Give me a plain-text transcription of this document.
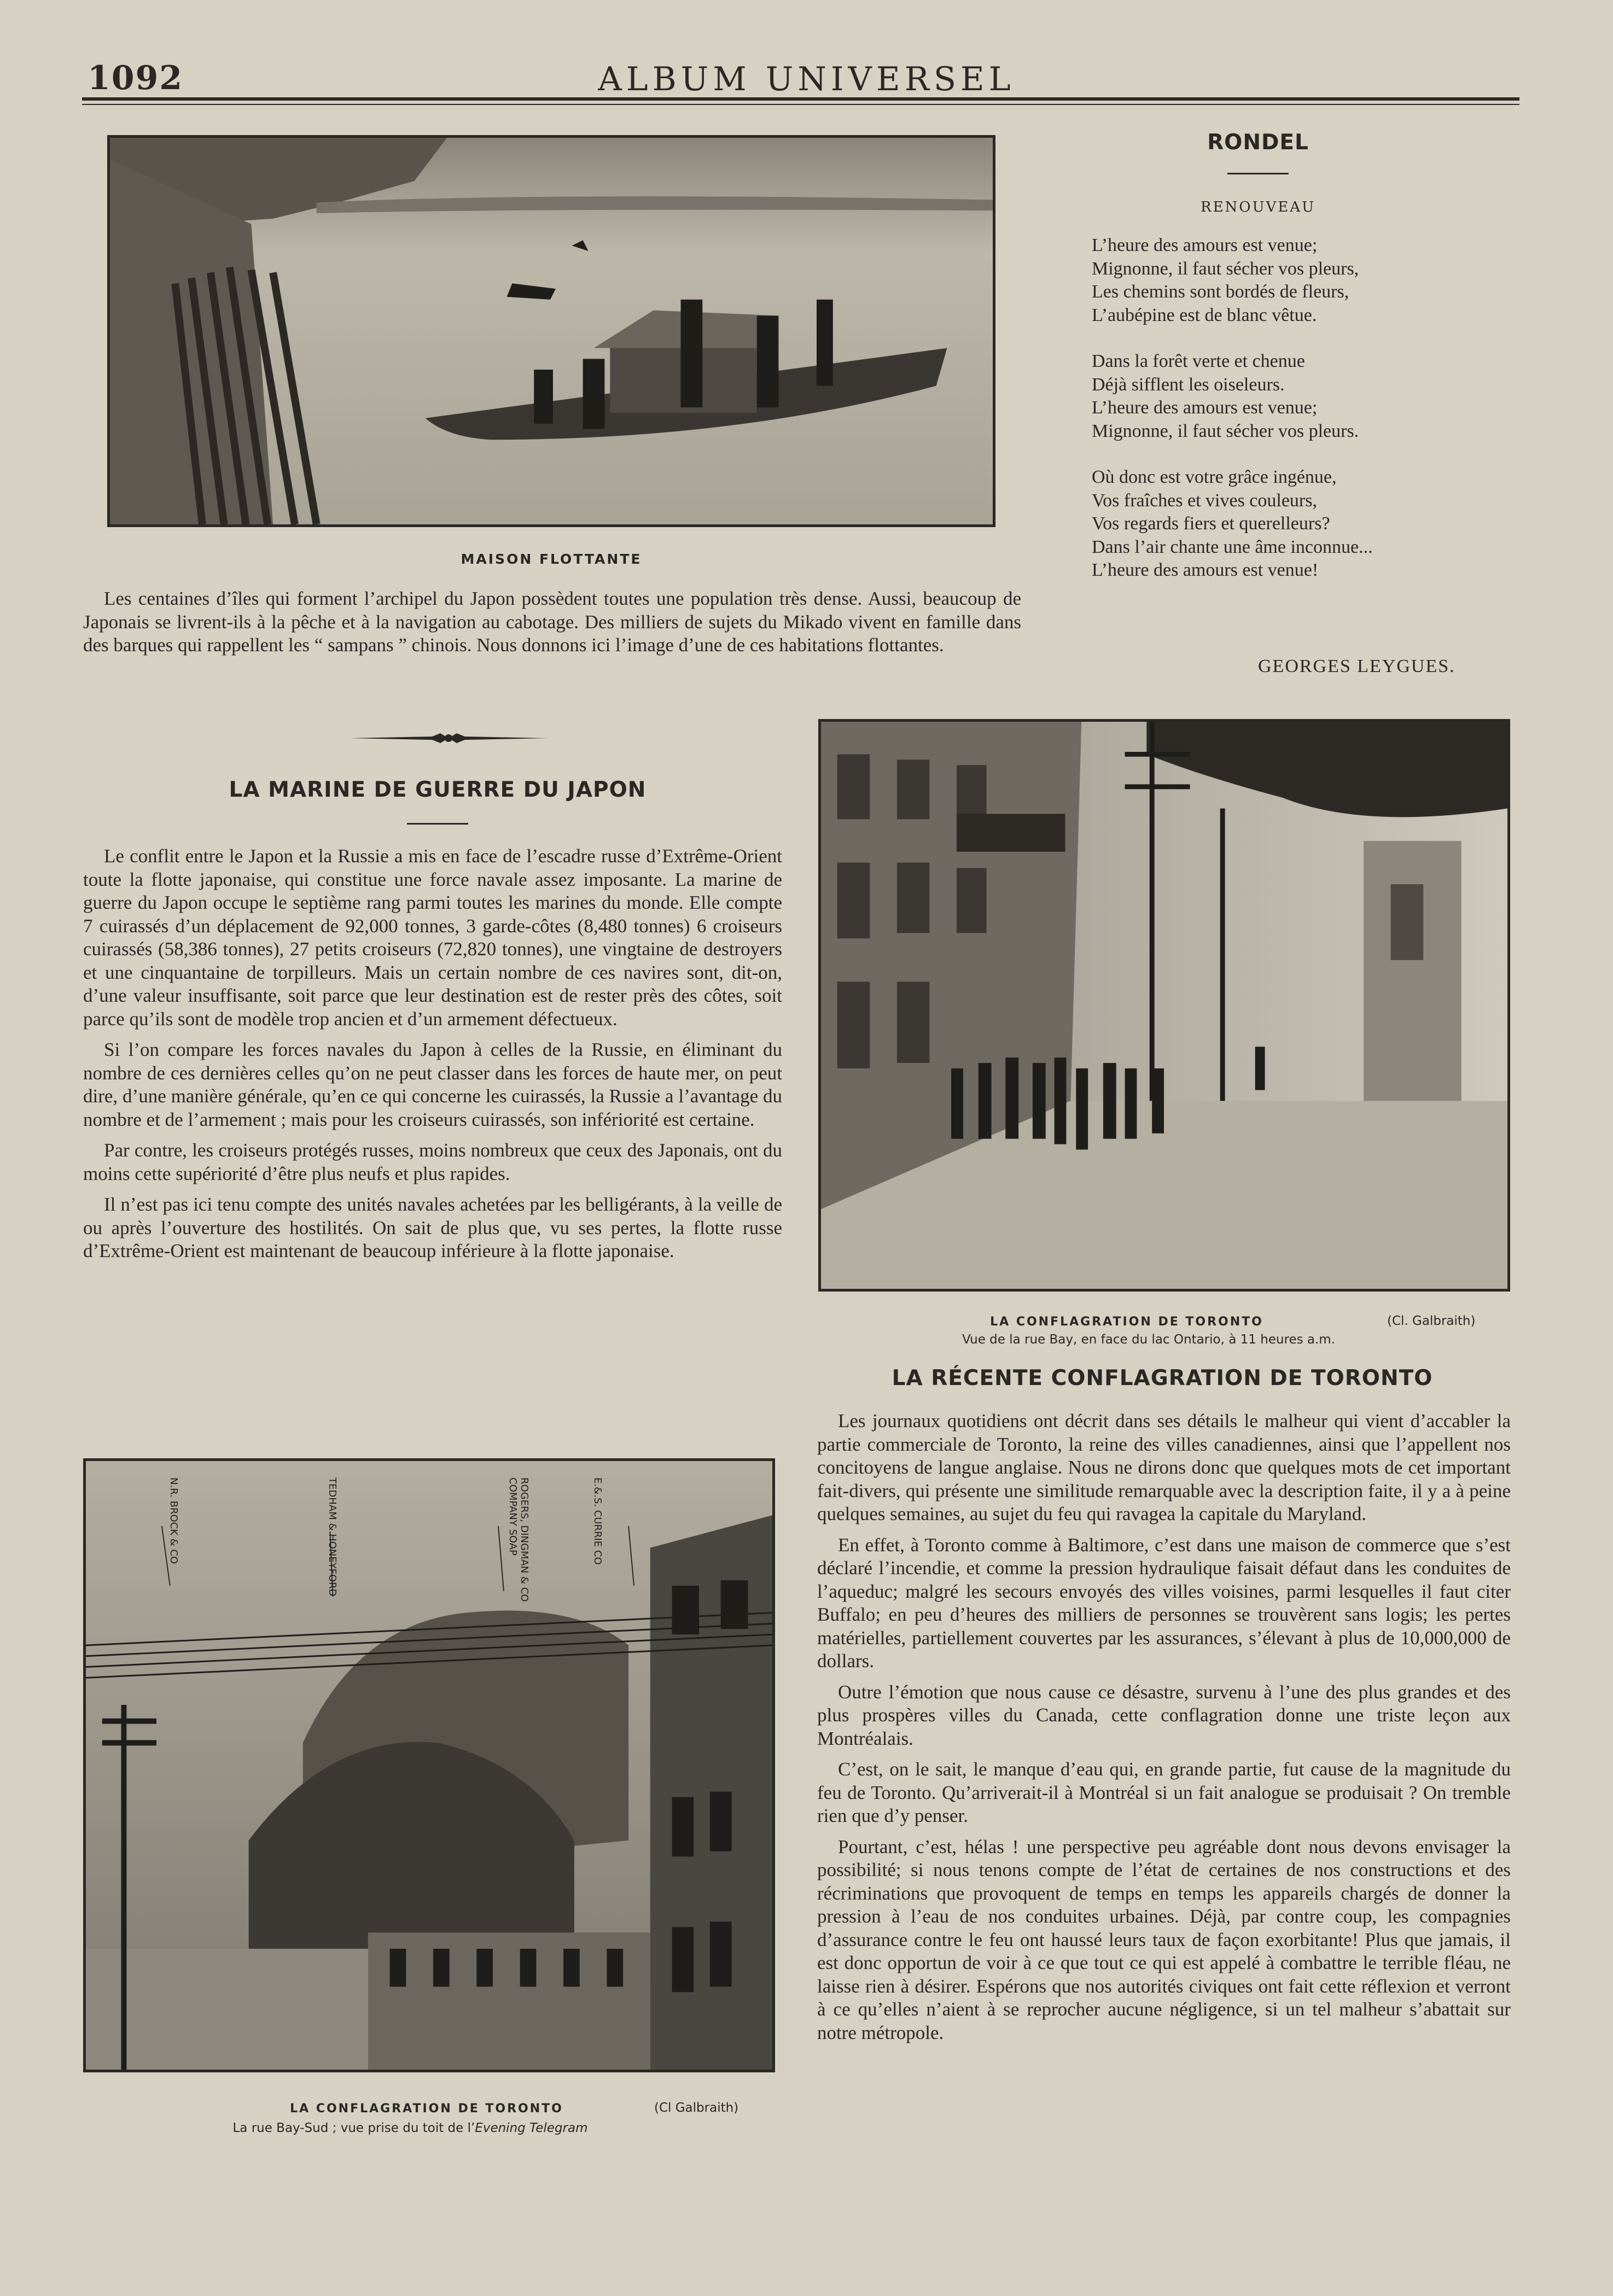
1092	ALBUM UNIVERSEL
MAISON FLOTTANTE

Les centaines d’îles qui forment l’archipel du Japon possèdent toutes une population très dense. Aussi, beaucoup de Japonais se livrent-ils à la pêche et à la navigation au cabotage. Des milliers de sujets du Mikado vivent en famille dans des barques qui rappellent les “ sampans ” chinois. Nous donnons ici l’image d’une de ces habitations flottantes.

RONDEL
RENOUVEAU
L’heure des amours est venue;
Mignonne, il faut sécher vos pleurs,
Les chemins sont bordés de fleurs,
L’aubépine est de blanc vêtue.
Dans la forêt verte et chenue
Déjà sifflent les oiseleurs.
L’heure des amours est venue;
Mignonne, il faut sécher vos pleurs.
Où donc est votre grâce ingénue,
Vos fraîches et vives couleurs,
Vos regards fiers et querelleurs?
Dans l’air chante une âme inconnue...
L’heure des amours est venue!
GEORGES LEYGUES.
LA MARINE DE GUERRE DU JAPON

Le conflit entre le Japon et la Russie a mis en face de l’escadre russe d’Extrême-Orient toute la flotte japonaise, qui constitue une force navale assez imposante. La marine de guerre du Japon occupe le septième rang parmi toutes les marines du monde. Elle compte 7 cuirassés d’un déplacement de 92,000 tonnes, 3 garde-côtes (8,480 tonnes) 6 croiseurs cuirassés (58,386 tonnes), 27 petits croiseurs (72,820 tonnes), une vingtaine de destroyers et une cinquantaine de torpilleurs. Mais un certain nombre de ces navires sont, dit-on, d’une valeur insuffisante, soit parce que leur destination est de rester près des côtes, soit parce qu’ils sont de modèle trop ancien et d’un armement défectueux.

Si l’on compare les forces navales du Japon à celles de la Russie, en éliminant du nombre de ces dernières celles qu’on ne peut classer dans les forces de haute mer, on peut dire, d’une manière générale, qu’en ce qui concerne les cuirassés, la Russie a l’avantage du nombre et de l’armement ; mais pour les croiseurs cuirassés, son infériorité est certaine.

Par contre, les croiseurs protégés russes, moins nombreux que ceux des Japonais, ont du moins cette supériorité d’être plus neufs et plus rapides.

Il n’est pas ici tenu compte des unités navales achetées par les belligérants, à la veille de ou après l’ouverture des hostilités. On sait de plus que, vu ses pertes, la flotte russe d’Extrême-Orient est maintenant de beaucoup inférieure à la flotte japonaise.

LA CONFLAGRATION DE TORONTO	(Cl. Galbraith)
Vue de la rue Bay, en face du lac Ontario, à 11 heures a.m.
LA RÉCENTE CONFLAGRATION DE TORONTO

Les journaux quotidiens ont décrit dans ses détails le malheur qui vient d’accabler la partie commerciale de Toronto, la reine des villes canadiennes, ainsi que l’appellent nos concitoyens de langue anglaise. Nous ne dirons donc que quelques mots de cet important fait-divers, qui présente une similitude remarquable avec la description faite, il y a à peine quelques semaines, au sujet du feu qui ravagea la capitale du Maryland.

En effet, à Toronto comme à Baltimore, c’est dans une maison de commerce que s’est déclaré l’incendie, et comme la pression hydraulique faisait défaut dans les conduites de l’aqueduc; malgré les secours envoyés des villes voisines, parmi lesquelles il faut citer Buffalo; en peu d’heures des milliers de personnes se trouvèrent sans logis; les pertes matérielles, partiellement couvertes par les assurances, s’élevant à plus de 10,000,000 de dollars.

Outre l’émotion que nous cause ce désastre, survenu à l’une des plus grandes et des plus prospères villes du Canada, cette conflagration donne une triste leçon aux Montréalais.

C’est, on le sait, le manque d’eau qui, en grande partie, fut cause de la magnitude du feu de Toronto. Qu’arriverait-il à Montréal si un fait analogue se produisait ? On tremble rien que d’y penser.

Pourtant, c’est, hélas ! une perspective peu agréable dont nous devons envisager la possibilité; si nous tenons compte de l’état de certaines de nos constructions et des récriminations que provoquent de temps en temps les appareils chargés de donner la pression à l’eau de nos conduites urbaines. Déjà, par contre coup, les compagnies d’assurance contre le feu ont haussé leurs taux de façon exorbitante! Plus que jamais, il est donc opportun de voir à ce que tout ce qui est appelé à combattre le terrible fléau, ne laisse rien à désirer. Espérons que nos autorités civiques ont fait cette réflexion et verront à ce qu’elles n’aient à se reprocher aucune négligence, si un tel malheur s’abattait sur notre métropole.

E.&.S. CURRIE CO
ROGERS, DINGMAN & CO COMPANY SOAP
TEDHAM & HONEYFORD
N.R. BROCK & CO
LA CONFLAGRATION DE TORONTO	(Cl Galbraith)
La rue Bay-Sud ; vue prise du toit de l’Evening Telegram
